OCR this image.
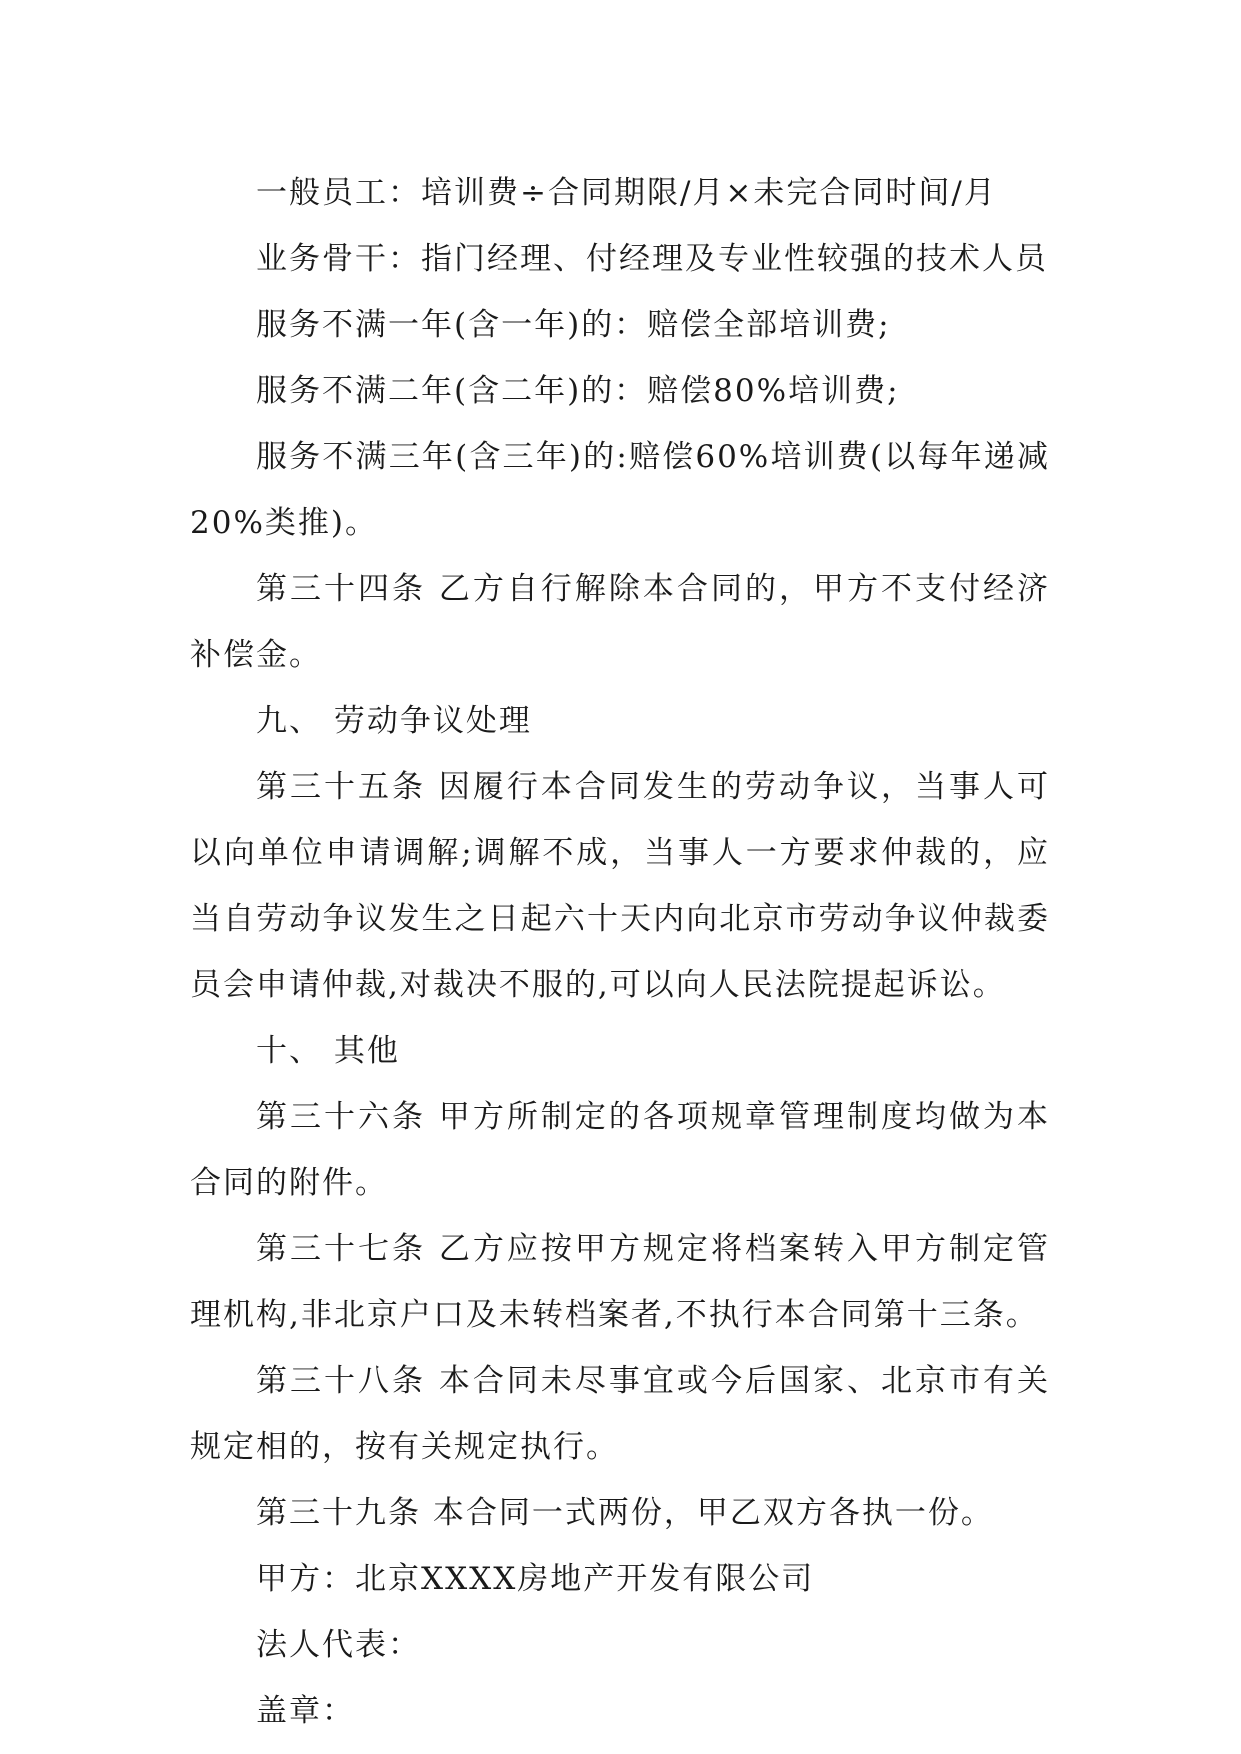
一般员工：培训费÷合同期限/月×未完合同时间/月

业务骨干：指门经理、付经理及专业性较强的技术人员

服务不满一年(含一年)的：赔偿全部培训费;

服务不满二年(含二年)的：赔偿80%培训费;

服务不满三年(含三年)的:赔偿60%培训费(以每年递减20%类推)。

第三十四条 乙方自行解除本合同的，甲方不支付经济补偿金。

九、 劳动争议处理

第三十五条 因履行本合同发生的劳动争议，当事人可以向单位申请调解;调解不成，当事人一方要求仲裁的，应当自劳动争议发生之日起六十天内向北京市劳动争议仲裁委员会申请仲裁,对裁决不服的,可以向人民法院提起诉讼。

十、 其他

第三十六条 甲方所制定的各项规章管理制度均做为本合同的附件。

第三十七条 乙方应按甲方规定将档案转入甲方制定管理机构,非北京户口及未转档案者,不执行本合同第十三条。

第三十八条 本合同未尽事宜或今后国家、北京市有关规定相的，按有关规定执行。

第三十九条 本合同一式两份，甲乙双方各执一份。

甲方：北京XXXX房地产开发有限公司

法人代表：

盖章：
